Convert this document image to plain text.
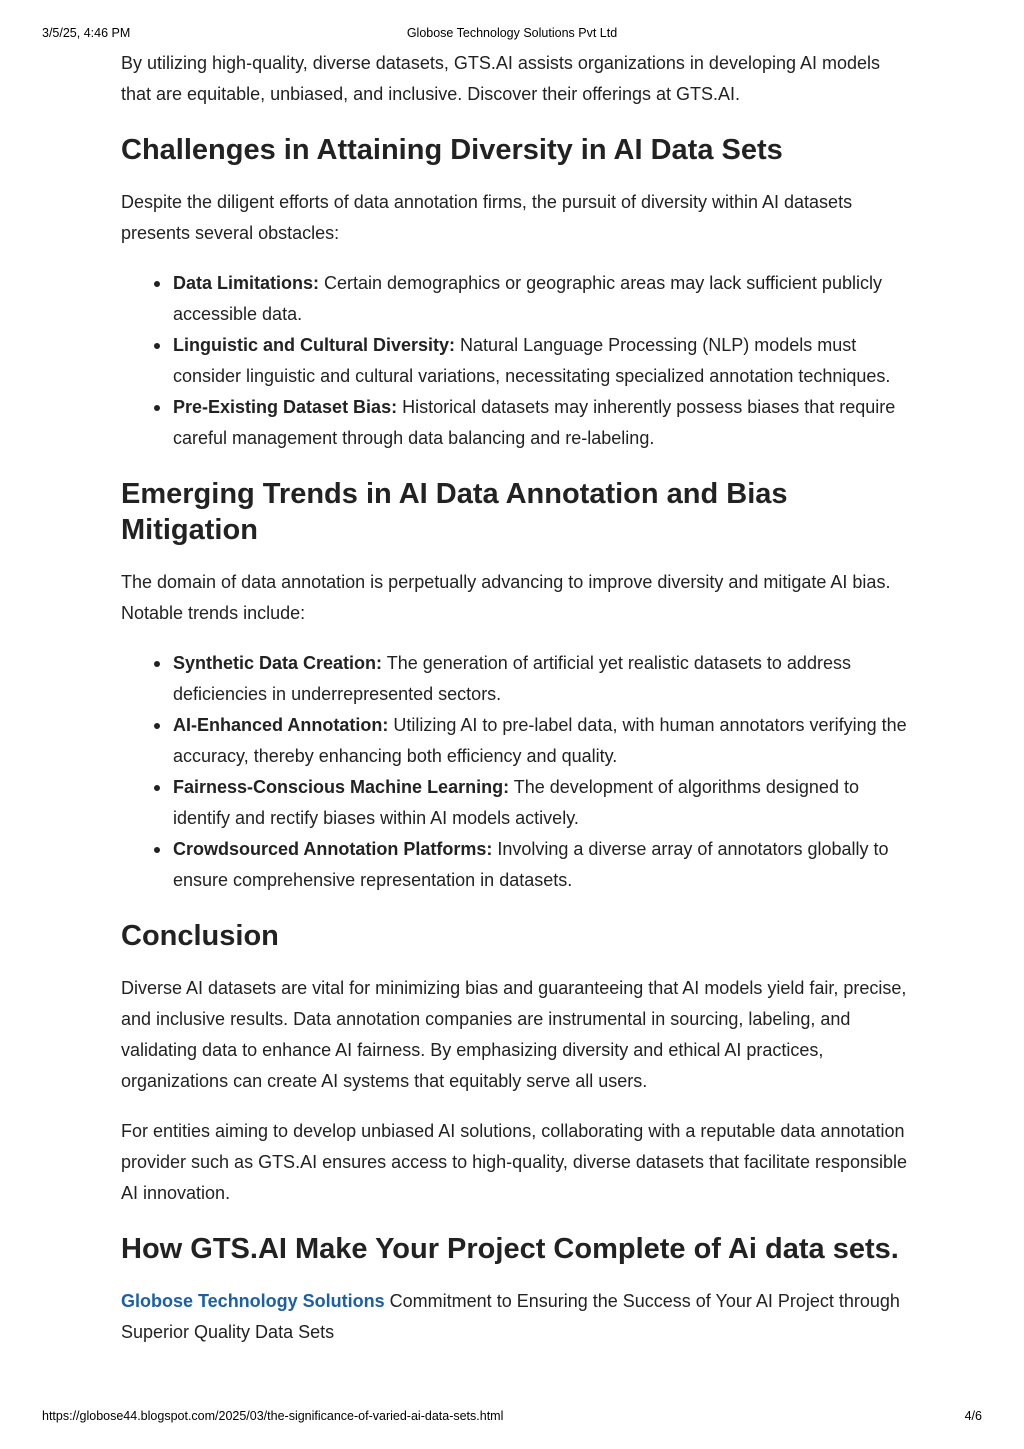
3/5/25, 4:46 PM	Globose Technology Solutions Pvt Ltd

By utilizing high-quality, diverse datasets, GTS.AI assists organizations in developing AI models that are equitable, unbiased, and inclusive. Discover their offerings at GTS.AI.

Challenges in Attaining Diversity in AI Data Sets

Despite the diligent efforts of data annotation firms, the pursuit of diversity within AI datasets presents several obstacles:

Data Limitations: Certain demographics or geographic areas may lack sufficient publicly accessible data.
Linguistic and Cultural Diversity: Natural Language Processing (NLP) models must consider linguistic and cultural variations, necessitating specialized annotation techniques.
Pre-Existing Dataset Bias: Historical datasets may inherently possess biases that require careful management through data balancing and re-labeling.
Emerging Trends in AI Data Annotation and Bias Mitigation

The domain of data annotation is perpetually advancing to improve diversity and mitigate AI bias. Notable trends include:

Synthetic Data Creation: The generation of artificial yet realistic datasets to address deficiencies in underrepresented sectors.
AI-Enhanced Annotation: Utilizing AI to pre-label data, with human annotators verifying the accuracy, thereby enhancing both efficiency and quality.
Fairness-Conscious Machine Learning: The development of algorithms designed to identify and rectify biases within AI models actively.
Crowdsourced Annotation Platforms: Involving a diverse array of annotators globally to ensure comprehensive representation in datasets.
Conclusion

Diverse AI datasets are vital for minimizing bias and guaranteeing that AI models yield fair, precise, and inclusive results. Data annotation companies are instrumental in sourcing, labeling, and validating data to enhance AI fairness. By emphasizing diversity and ethical AI practices, organizations can create AI systems that equitably serve all users.

For entities aiming to develop unbiased AI solutions, collaborating with a reputable data annotation provider such as GTS.AI ensures access to high-quality, diverse datasets that facilitate responsible AI innovation.

How GTS.AI Make Your Project Complete of Ai data sets.

Globose Technology Solutions Commitment to Ensuring the Success of Your AI Project through Superior Quality Data Sets

https://globose44.blogspot.com/2025/03/the-significance-of-varied-ai-data-sets.html	4/6
